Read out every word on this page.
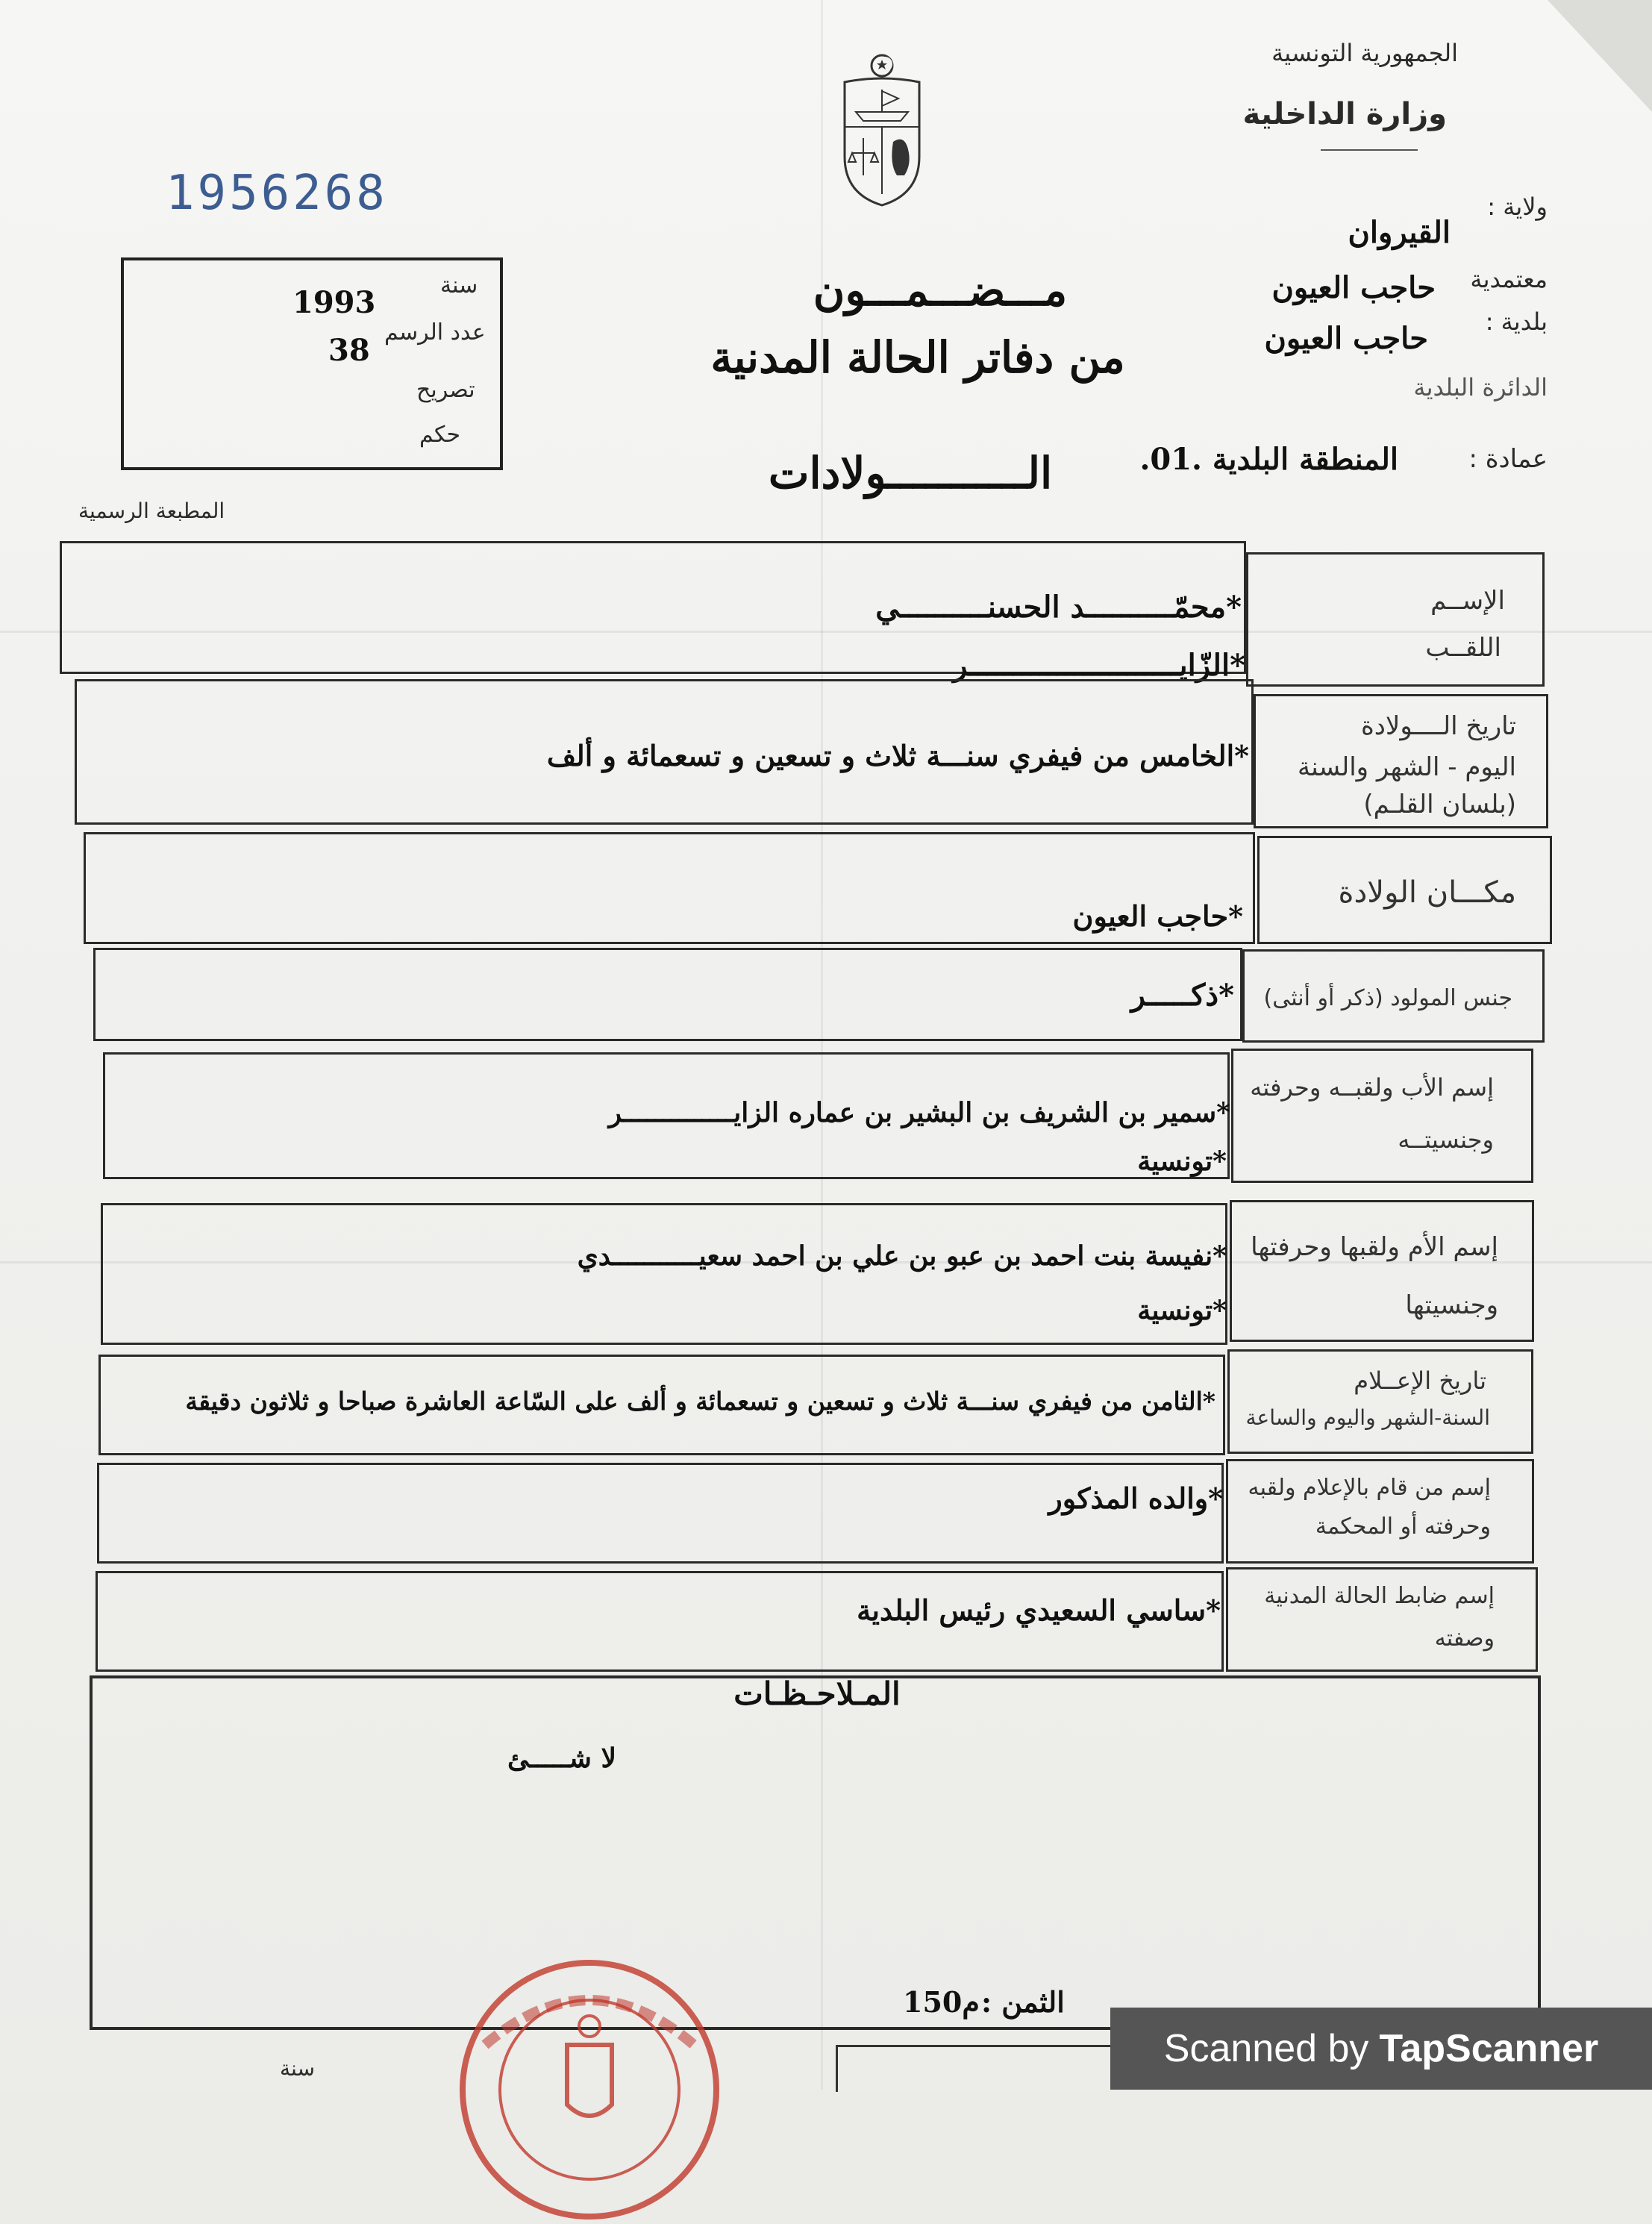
الجمهورية التونسية
وزارة الداخلية
ولاية :
القيروان
معتمدية
حاجب العيون
بلدية :
حاجب العيون
الدائرة البلدية
عمادة :
المنطقة البلدية .01.
1956268
سنة
1993
عدد الرسم
38
تصريح
حكم
مـــضـــمـــون
من دفاتر الحالة المدنية
الـــــــــــولادات
المطبعة الرسمية
الإســم
اللقــب
*محمّــــــــــد الحسنــــــــــي
*الزّايــــــــــــــــــــــــر
تاريخ الــــولادة
اليوم - الشهر والسنة
(بلسان القلـم)
*الخامس من فيفري سنـــة ثلاث و تسعين و تسعمائة و ألف
مكـــان الولادة
*حاجب العيون
جنس المولود (ذكر أو أنثى)
*ذكـــــر
إسم الأب ولقبــه وحرفته
وجنسيتــه
*سمير بن الشريف بن البشير بن عماره الزايــــــــــــــر
*تونسية
إسم الأم ولقبها وحرفتها
وجنسيتها
*نفيسة بنت احمد بن عبو بن علي بن احمد سعيـــــــــــدي
*تونسية
تاريخ الإعــلام
السنة-الشهر واليوم والساعة
*الثامن من فيفري سنـــة ثلاث و تسعين و تسعمائة و ألف على السّاعة العاشرة صباحا و ثلاثون دقيقة
إسم من قام بالإعلام ولقبه
وحرفته أو المحكمة
*والده المذكور
إسم ضابط الحالة المدنية
وصفته
*ساسي السعيدي رئيس البلدية
المـلاحـظـات
لا شـــــئ
الثمن :
150م
سنة	Scanned by TapScanner
